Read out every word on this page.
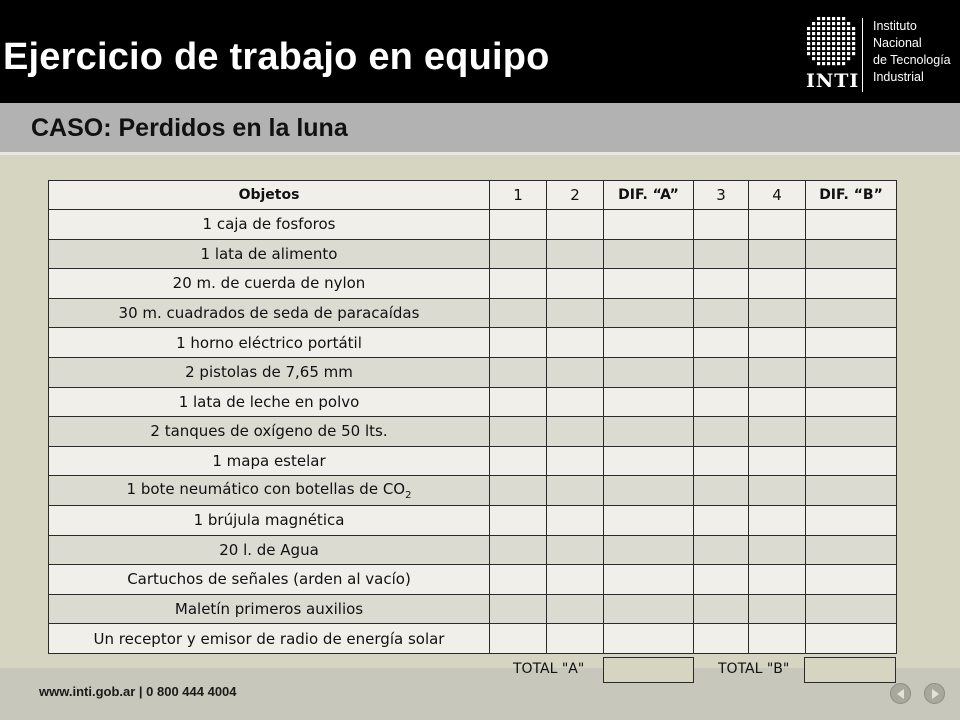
Ejercicio de trabajo en equipo
INTI
Instituto
Nacional
de Tecnología
Industrial
CASO: Perdidos en la luna
Objetos	1	2	DIF. “A”	3	4	DIF. “B”
1 caja de fosforos						
1 lata de alimento						
20 m. de cuerda de nylon						
30 m. cuadrados de seda de paracaídas						
1 horno eléctrico portátil						
2 pistolas de 7,65 mm						
1 lata de leche en polvo						
2 tanques de oxígeno de 50 lts.						
1 mapa estelar						
1 bote neumático con botellas de $CO_2$						
1 brújula magnética						
20 l. de Agua						
Cartuchos de señales (arden al vacío)						
Maletín primeros auxilios						
Un receptor y emisor de radio de energía solar						
www.inti.gob.ar | 0 800 444 4004
TOTAL "A"	TOTAL "B"
